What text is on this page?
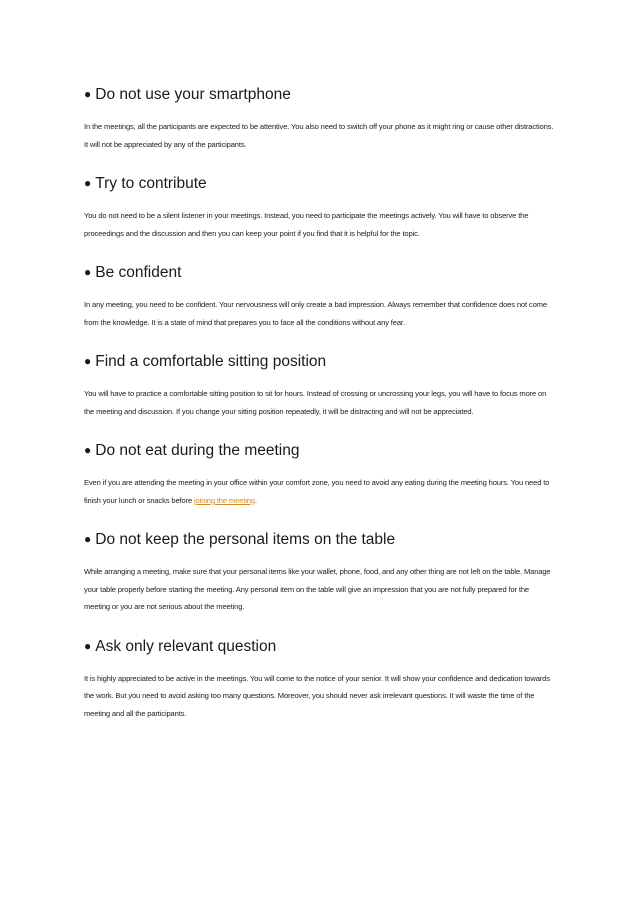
● Do not use your smartphone

In the meetings, all the participants are expected to be attentive. You also need to switch off your phone as it might ring or cause other distractions. It will not be appreciated by any of the participants.

● Try to contribute

You do not need to be a silent listener in your meetings. Instead, you need to participate the meetings actively. You will have to observe the proceedings and the discussion and then you can keep your point if you find that it is helpful for the topic.

● Be confident

In any meeting, you need to be confident. Your nervousness will only create a bad impression. Always remember that confidence does not come from the knowledge. It is a state of mind that prepares you to face all the conditions without any fear.

● Find a comfortable sitting position

You will have to practice a comfortable sitting position to sit for hours. Instead of crossing or uncrossing your legs, you will have to focus more on the meeting and discussion. If you change your sitting position repeatedly, it will be distracting and will not be appreciated.

● Do not eat during the meeting

Even if you are attending the meeting in your office within your comfort zone, you need to avoid any eating during the meeting hours. You need to finish your lunch or snacks before joining the meeting.

● Do not keep the personal items on the table

While arranging a meeting, make sure that your personal items like your wallet, phone, food, and any other thing are not left on the table. Manage your table properly before starting the meeting. Any personal item on the table will give an impression that you are not fully prepared for the meeting or you are not serious about the meeting.

● Ask only relevant question

It is highly appreciated to be active in the meetings. You will come to the notice of your senior. It will show your confidence and dedication towards the work. But you need to avoid asking too many questions. Moreover, you should never ask irrelevant questions. It will waste the time of the meeting and all the participants.
